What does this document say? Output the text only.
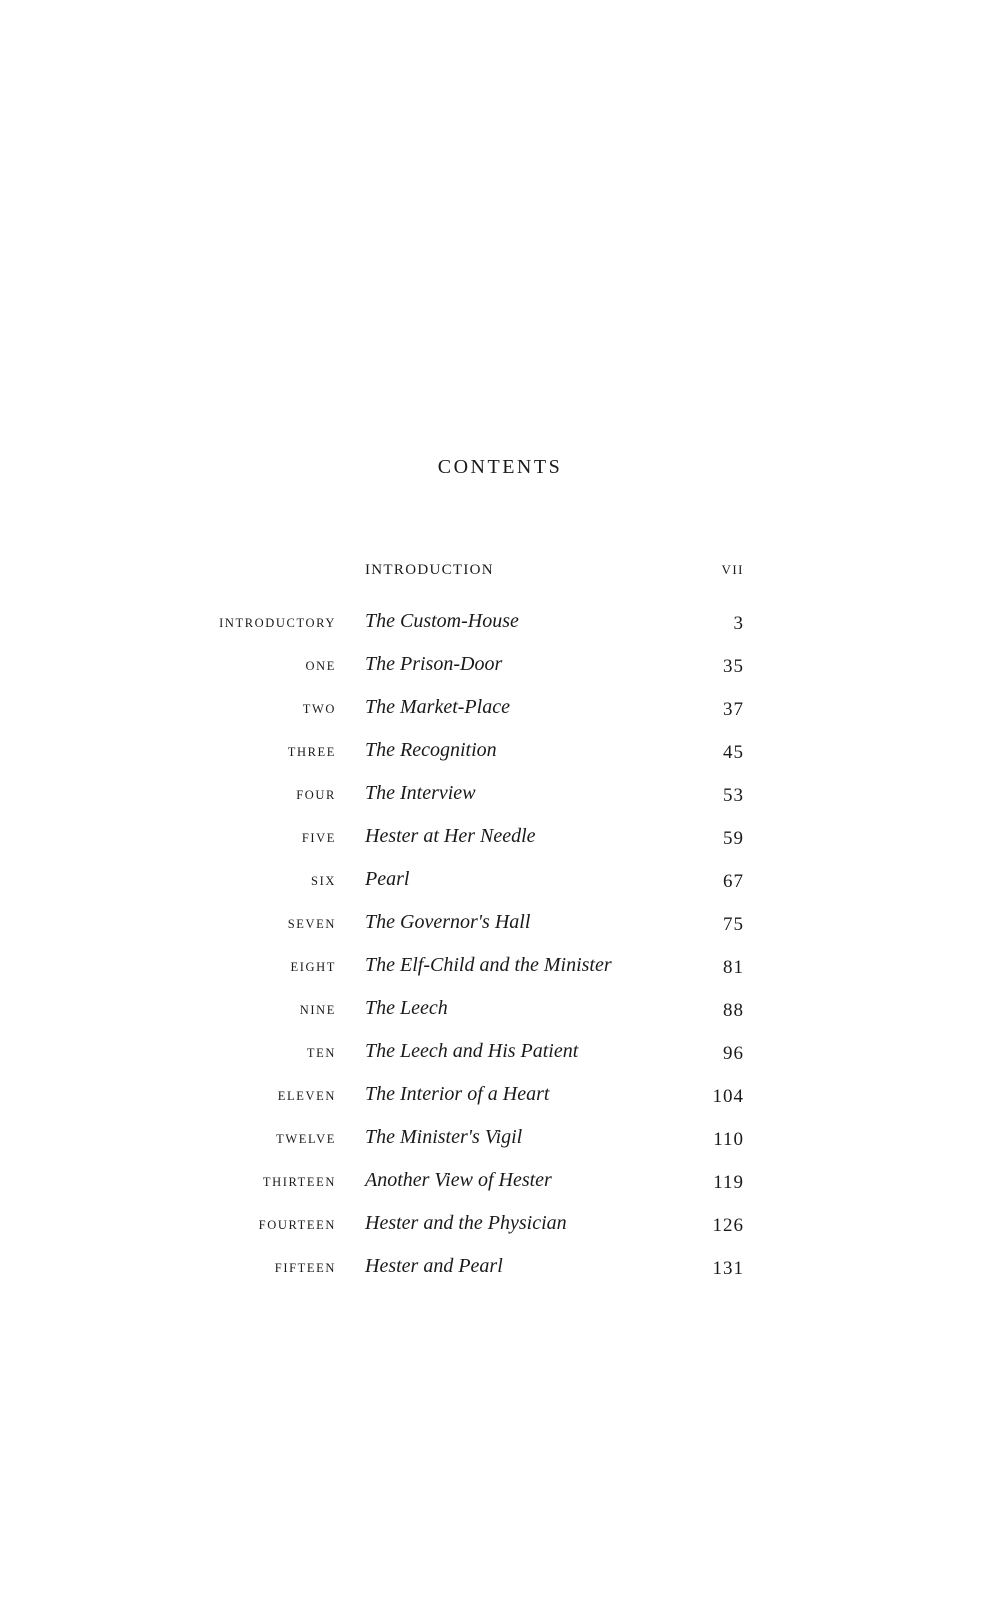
CONTENTS
INTRODUCTION	VII
INTRODUCTORY The Custom-House	3
ONE The Prison-Door	35
TWO The Market-Place	37
THREE The Recognition	45
FOUR The Interview	53
FIVE Hester at Her Needle	59
SIX Pearl	67
SEVEN The Governor's Hall	75
EIGHT The Elf-Child and the Minister	81
NINE The Leech	88
TEN The Leech and His Patient	96
ELEVEN The Interior of a Heart	104
TWELVE The Minister's Vigil	110
THIRTEEN Another View of Hester	119
FOURTEEN Hester and the Physician	126
FIFTEEN Hester and Pearl	131
